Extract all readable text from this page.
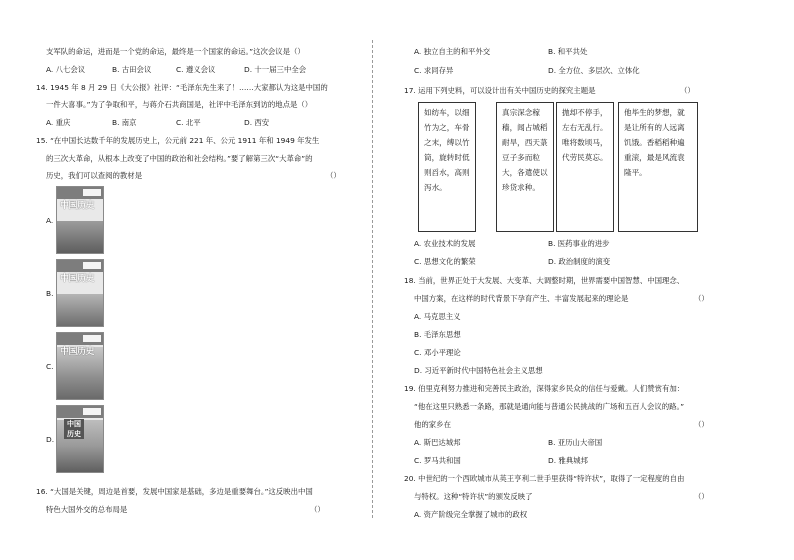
支军队的命运，进而是一个党的命运，最终是一个国家的命运。”这次会议是（）
A. 八七会议	B. 古田会议	C. 遵义会议	D. 十一届三中全会
14. 1945 年 8 月 29 日《大公报》社评：“毛泽东先生来了！……大家都认为这是中国的
一件大喜事。”为了争取和平，与蒋介石共商国是，社评中毛泽东到访的地点是（）
A. 重庆	B. 南京	C. 北平	D. 西安
15. “在中国长达数千年的发展历史上，公元前 221 年、公元 1911 年和 1949 年发生
的三次大革命，从根本上改变了中国的政治和社会结构。”要了解第三次“大革命”的
历史，我们可以查阅的教材是	（）
A.
中国历史
B.
中国历史
C.
中国历史
D.
中国历史
16. “大国是关键，周边是首要，发展中国家是基础，多边是重要舞台。”这反映出中国
特色大国外交的总布局是	（）
A. 独立自主的和平外交	B. 和平共处
C. 求同存异	D. 全方位、多层次、立体化
17. 运用下列史料，可以设计出有关中国历史的探究主题是	（）
如纺车，以细竹为之，车骨之末，缚以竹筒，旋转时低则舀水，高则泻水。
真宗深念稼穑，闻占城稻耐旱，西天菉豆子多而粒大，各遣使以珍货求种。
抛却不停手，左右无乱行。唯将数顷马，代劳民莫忘。
他毕生的梦想，就是让所有的人远离饥饿。香稻稻种遍重滚，最是风流袁隆平。
A. 农业技术的发展	B. 医药事业的进步
C. 思想文化的繁荣	D. 政治制度的演变
18. 当前，世界正处于大发展、大变革、大调整时期，世界需要中国智慧、中国理念、
中国方案，在这样的时代背景下孕育产生、丰富发展起来的理论是	（）
A. 马克思主义
B. 毛泽东思想
C. 邓小平理论
D. 习近平新时代中国特色社会主义思想
19. 伯里克利努力推进和完善民主政治，深得家乡民众的信任与爱戴。人们赞赏有加：
“他在这里只熟悉一条路，那就是通向能与普通公民挑战的广场和五百人会议的路。”
他的家乡在	（）
A. 斯巴达城邦	B. 亚历山大帝国
C. 罗马共和国	D. 雅典城邦
20. 中世纪的一个西欧城市从英王亨利二世手里获得“特许状”，取得了一定程度的自由
与特权。这种“特许状”的颁发反映了	（）
A. 资产阶级完全掌握了城市的政权
